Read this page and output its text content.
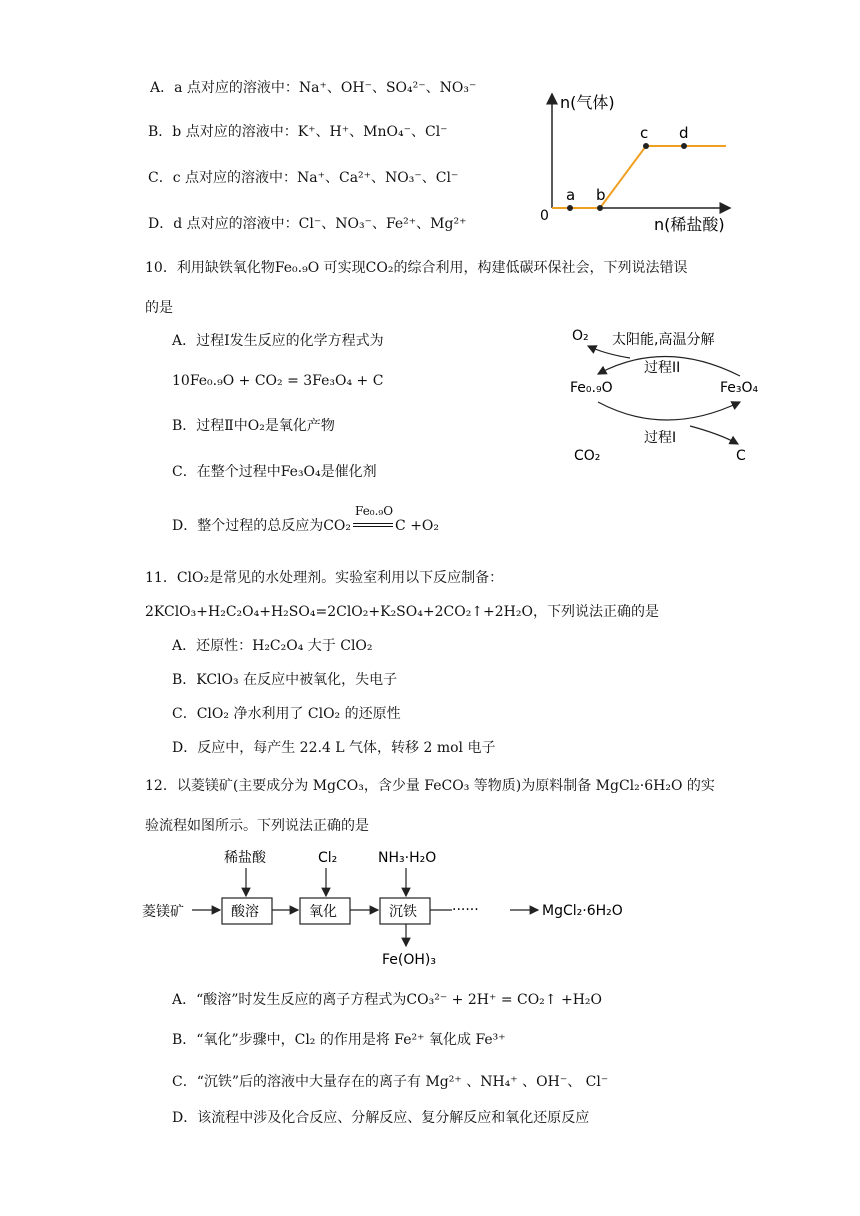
A．a 点对应的溶液中：Na⁺、OH⁻、SO₄²⁻、NO₃⁻
B．b 点对应的溶液中：K⁺、H⁺、MnO₄⁻、Cl⁻
C．c 点对应的溶液中：Na⁺、Ca²⁺、NO₃⁻、Cl⁻
D．d 点对应的溶液中：Cl⁻、NO₃⁻、Fe²⁺、Mg²⁺
n(气体)
n(稀盐酸)
0
a b
c d
10．利用缺铁氧化物Fe₀.₉O 可实现CO₂的综合利用，构建低碳环保社会，下列说法错误
的是
A．过程Ⅰ发生反应的化学方程式为
10Fe₀.₉O + CO₂ = 3Fe₃O₄ + C
B．过程Ⅱ中O₂是氧化产物
C．在整个过程中Fe₃O₄是催化剂
D．整个过程的总反应为CO₂
Fe₀.₉O
C +O₂
O₂ 太阳能,高温分解
过程II
Fe₀.₉O	Fe₃O₄
过程I
CO₂	C
11．ClO₂是常见的水处理剂。实验室利用以下反应制备：
2KClO₃+H₂C₂O₄+H₂SO₄=2ClO₂+K₂SO₄+2CO₂↑+2H₂O，下列说法正确的是
A．还原性：H₂C₂O₄ 大于 ClO₂
B．KClO₃ 在反应中被氧化，失电子
C．ClO₂ 净水利用了 ClO₂ 的还原性
D．反应中，每产生 22.4 L 气体，转移 2 mol 电子
12．以菱镁矿(主要成分为 MgCO₃，含少量 FeCO₃ 等物质)为原料制备 MgCl₂·6H₂O 的实
验流程如图所示。下列说法正确的是
稀盐酸	Cl₂	NH₃·H₂O
菱镁矿	酸溶	氧化	沉铁	······	MgCl₂·6H₂O
Fe(OH)₃
A．“酸溶”时发生反应的离子方程式为CO₃²⁻ + 2H⁺ = CO₂↑ +H₂O
B．“氧化”步骤中，Cl₂ 的作用是将 Fe²⁺ 氧化成 Fe³⁺
C．“沉铁”后的溶液中大量存在的离子有 Mg²⁺ 、NH₄⁺ 、OH⁻、 Cl⁻
D．该流程中涉及化合反应、分解反应、复分解反应和氧化还原反应
